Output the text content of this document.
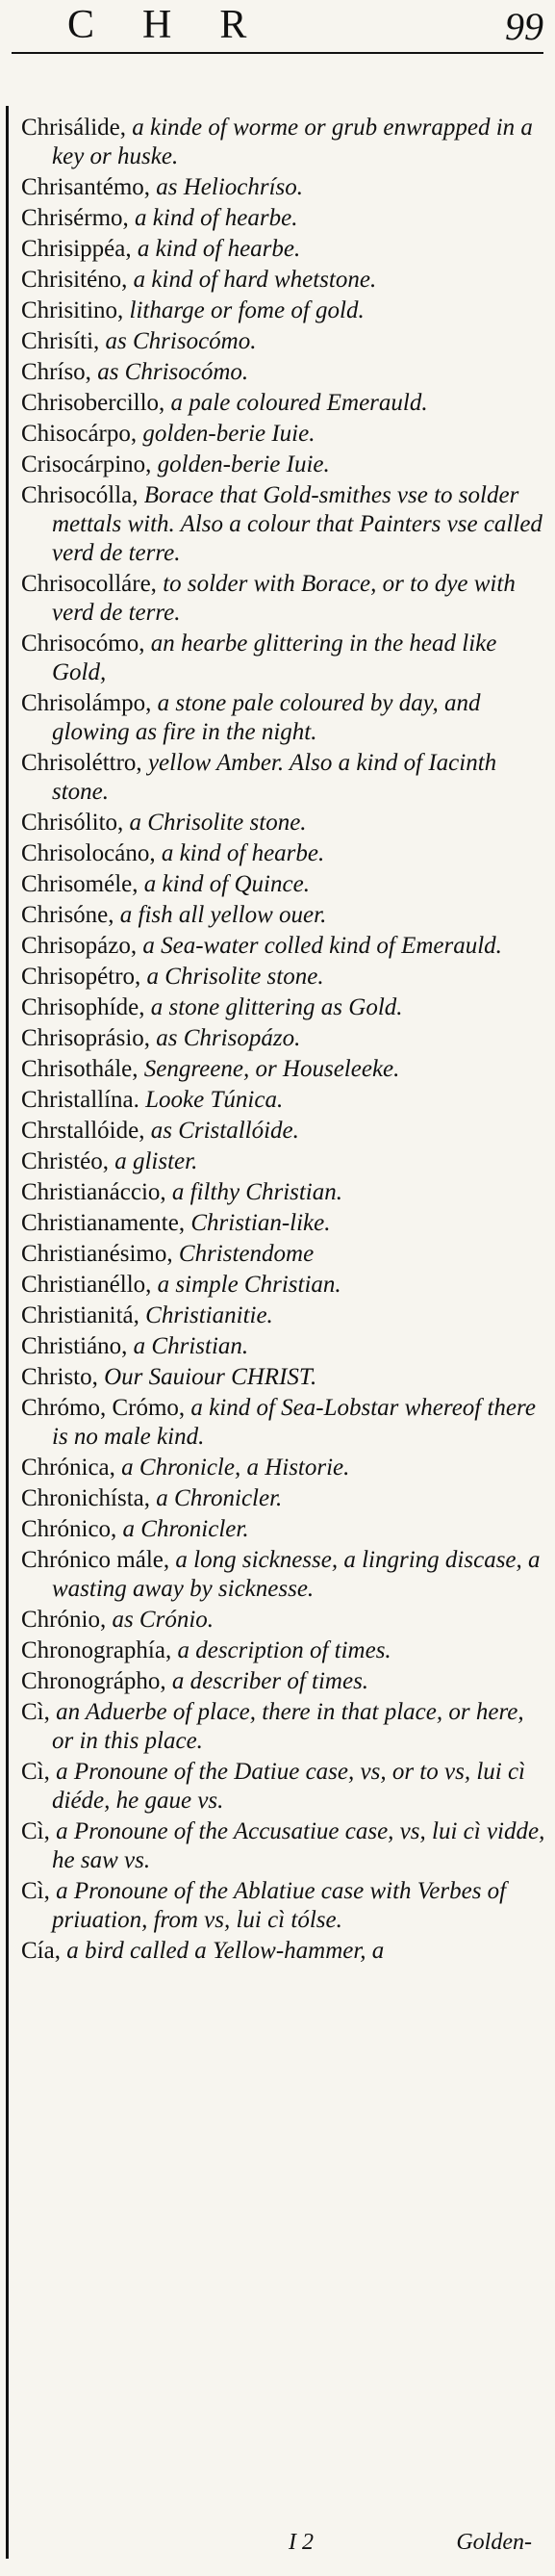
CHR	99
Chrisálide, a kinde of worme or grub enwrapped in a key or huske.
Chrisantémo, as Heliochríso.
Chrisérmo, a kind of hearbe.
Chrisippéa, a kind of hearbe.
Chrisiténo, a kind of hard whetstone.
Chrisitino, litharge or fome of gold.
Chrisíti, as Chrisocómo.
Chríso, as Chrisocómo.
Chrisobercillo, a pale coloured Emerauld.
Chisocárpo, golden-berie Iuie.
Crisocárpino, golden-berie Iuie.
Chrisocólla, Borace that Gold-smithes vse to solder mettals with. Also a colour that Painters vse called verd de terre.
Chrisocolláre, to solder with Borace, or to dye with verd de terre.
Chrisocómo, an hearbe glittering in the head like Gold,
Chrisolámpo, a stone pale coloured by day, and glowing as fire in the night.
Chrisoléttro, yellow Amber. Also a kind of Iacinth stone.
Chrisólito, a Chrisolite stone.
Chrisolocáno, a kind of hearbe.
Chrisoméle, a kind of Quince.
Chrisóne, a fish all yellow ouer.
Chrisopázo, a Sea-water colled kind of Emerauld.
Chrisopétro, a Chrisolite stone.
Chrisophíde, a stone glittering as Gold.
Chrisoprásio, as Chrisopázo.
Chrisothále, Sengreene, or Houseleeke.
Christallína. Looke Túnica.
Chrstallóide, as Cristallóide.
Christéo, a glister.
Christianáccio, a filthy Christian.
Christianamente, Christian-like.
Christianésimo, Christendome
Christianéllo, a simple Christian.
Christianitá, Christianitie.
Christiáno, a Christian.
Christo, Our Sauiour CHRIST.
Chrómo, Crómo, a kind of Sea-Lobstar whereof there is no male kind.
Chrónica, a Chronicle, a Historie.
Chronichísta, a Chronicler.
Chrónico, a Chronicler.
Chrónico mále, a long sicknesse, a lingring discase, a wasting away by sicknesse.
Chrónio, as Crónio.
Chronographía, a description of times.
Chronográpho, a describer of times.
Cì, an Aduerbe of place, there in that place, or here, or in this place.
Cì, a Pronoune of the Datiue case, vs, or to vs, lui cì diéde, he gaue vs.
Cì, a Pronoune of the Accusatiue case, vs, lui cì vidde, he saw vs.
Cì, a Pronoune of the Ablatiue case with Verbes of priuation, from vs, lui cì tólse.
Cía, a bird called a Yellow-hammer, a
I 2	Golden-
